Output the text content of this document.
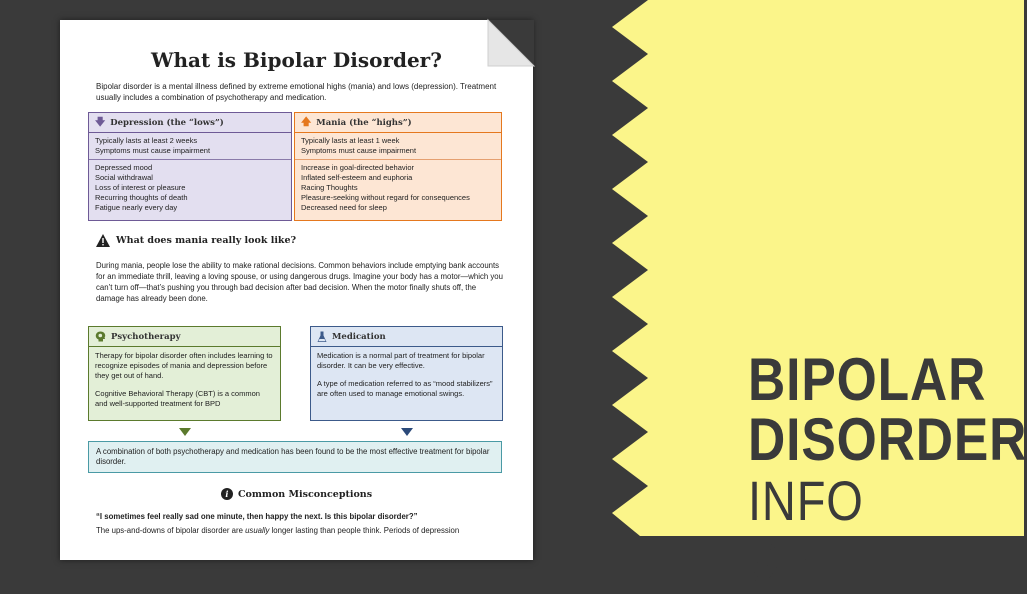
BIPOLAR
DISORDER
INFO SHEET
What is Bipolar Disorder?
Bipolar disorder is a mental illness defined by extreme emotional highs (mania) and lows (depression). Treatment usually includes a combination of psychotherapy and medication.
🡇 Depression (the “lows”)
Typically lasts at least 2 weeks
Symptoms must cause impairment
Depressed mood
Social withdrawal
Loss of interest or pleasure
Recurring thoughts of death
Fatigue nearly every day
🡅 Mania (the “highs”)
Typically lasts at least 1 week
Symptoms must cause impairment
Increase in goal-directed behavior
Inflated self-esteem and euphoria
Racing Thoughts
Pleasure-seeking without regard for consequences
Decreased need for sleep
What does mania really look like?
During mania, people lose the ability to make rational decisions. Common behaviors include emptying bank accounts for an immediate thrill, leaving a loving spouse, or using dangerous drugs. Imagine your body has a motor—which you can’t turn off—that’s pushing you through bad decision after bad decision. When the motor finally shuts off, the damage has already been done.
Psychotherapy
Therapy for bipolar disorder often includes learning to recognize episodes of mania and depression before they get out of hand.
Cognitive Behavioral Therapy (CBT) is a common and well-supported treatment for BPD
Medication
Medication is a normal part of treatment for bipolar disorder. It can be very effective.
A type of medication referred to as “mood stabilizers” are often used to manage emotional swings.
A combination of both psychotherapy and medication has been found to be the most effective treatment for bipolar disorder.
i Common Misconceptions
“I sometimes feel really sad one minute, then happy the next. Is this bipolar disorder?”
The ups-and-downs of bipolar disorder are usually longer lasting than people think. Periods of depression
